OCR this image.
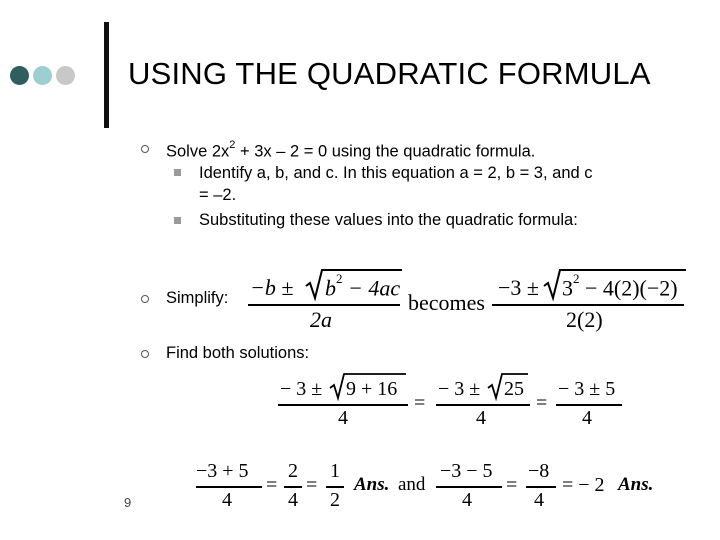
USING THE QUADRATIC FORMULA
Solve $2x^2 + 3x - 2 = 0$ using the quadratic formula.
Identify a, b, and c. In this equation a = 2, b = 3, and c
= –2.
Substituting these values into the quadratic formula:
Simplify: $-b \pm b^2 - 4ac$
2a
becomes
$-3 \pm 3^2 - 4(2)(-2)$
2(2)
Find both solutions:
− 3 ± 9 + 16
4
=
− 3 ± 25
4
=
− 3 ± 5
4
−3 + 5
4
=
2
4
=
1
2
Ans. and
−3 − 5
4
=
−8
4
= − 2 Ans.
9
